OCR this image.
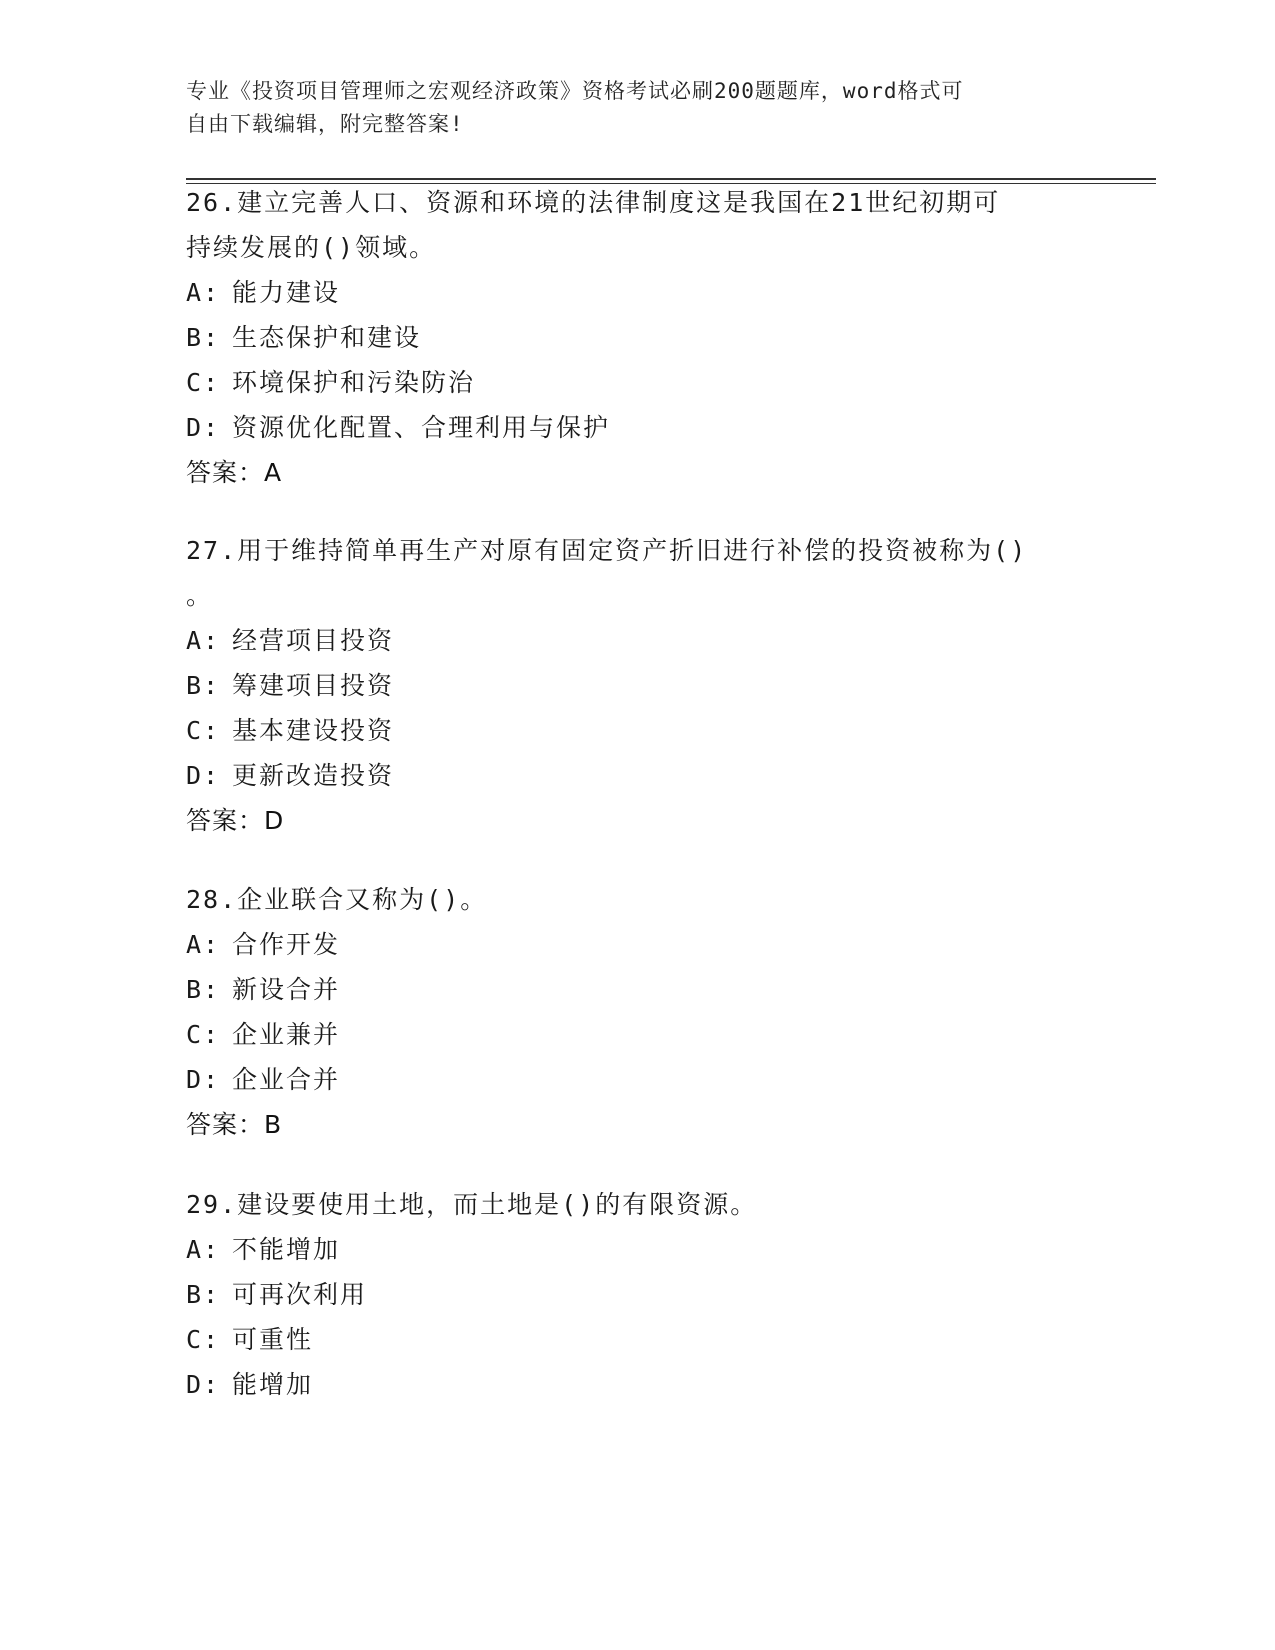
专业《投资项目管理师之宏观经济政策》资格考试必刷200题题库，word格式可
自由下载编辑，附完整答案!
26.建立完善人口、资源和环境的法律制度这是我国在21世纪初期可
持续发展的()领域。
A: 能力建设
B: 生态保护和建设
C: 环境保护和污染防治
D: 资源优化配置、合理利用与保护
答案：A
27.用于维持简单再生产对原有固定资产折旧进行补偿的投资被称为()
。
A: 经营项目投资
B: 筹建项目投资
C: 基本建设投资
D: 更新改造投资
答案：D
28.企业联合又称为()。
A: 合作开发
B: 新设合并
C: 企业兼并
D: 企业合并
答案：B
29.建设要使用土地，而土地是()的有限资源。
A: 不能增加
B: 可再次利用
C: 可重性
D: 能增加
